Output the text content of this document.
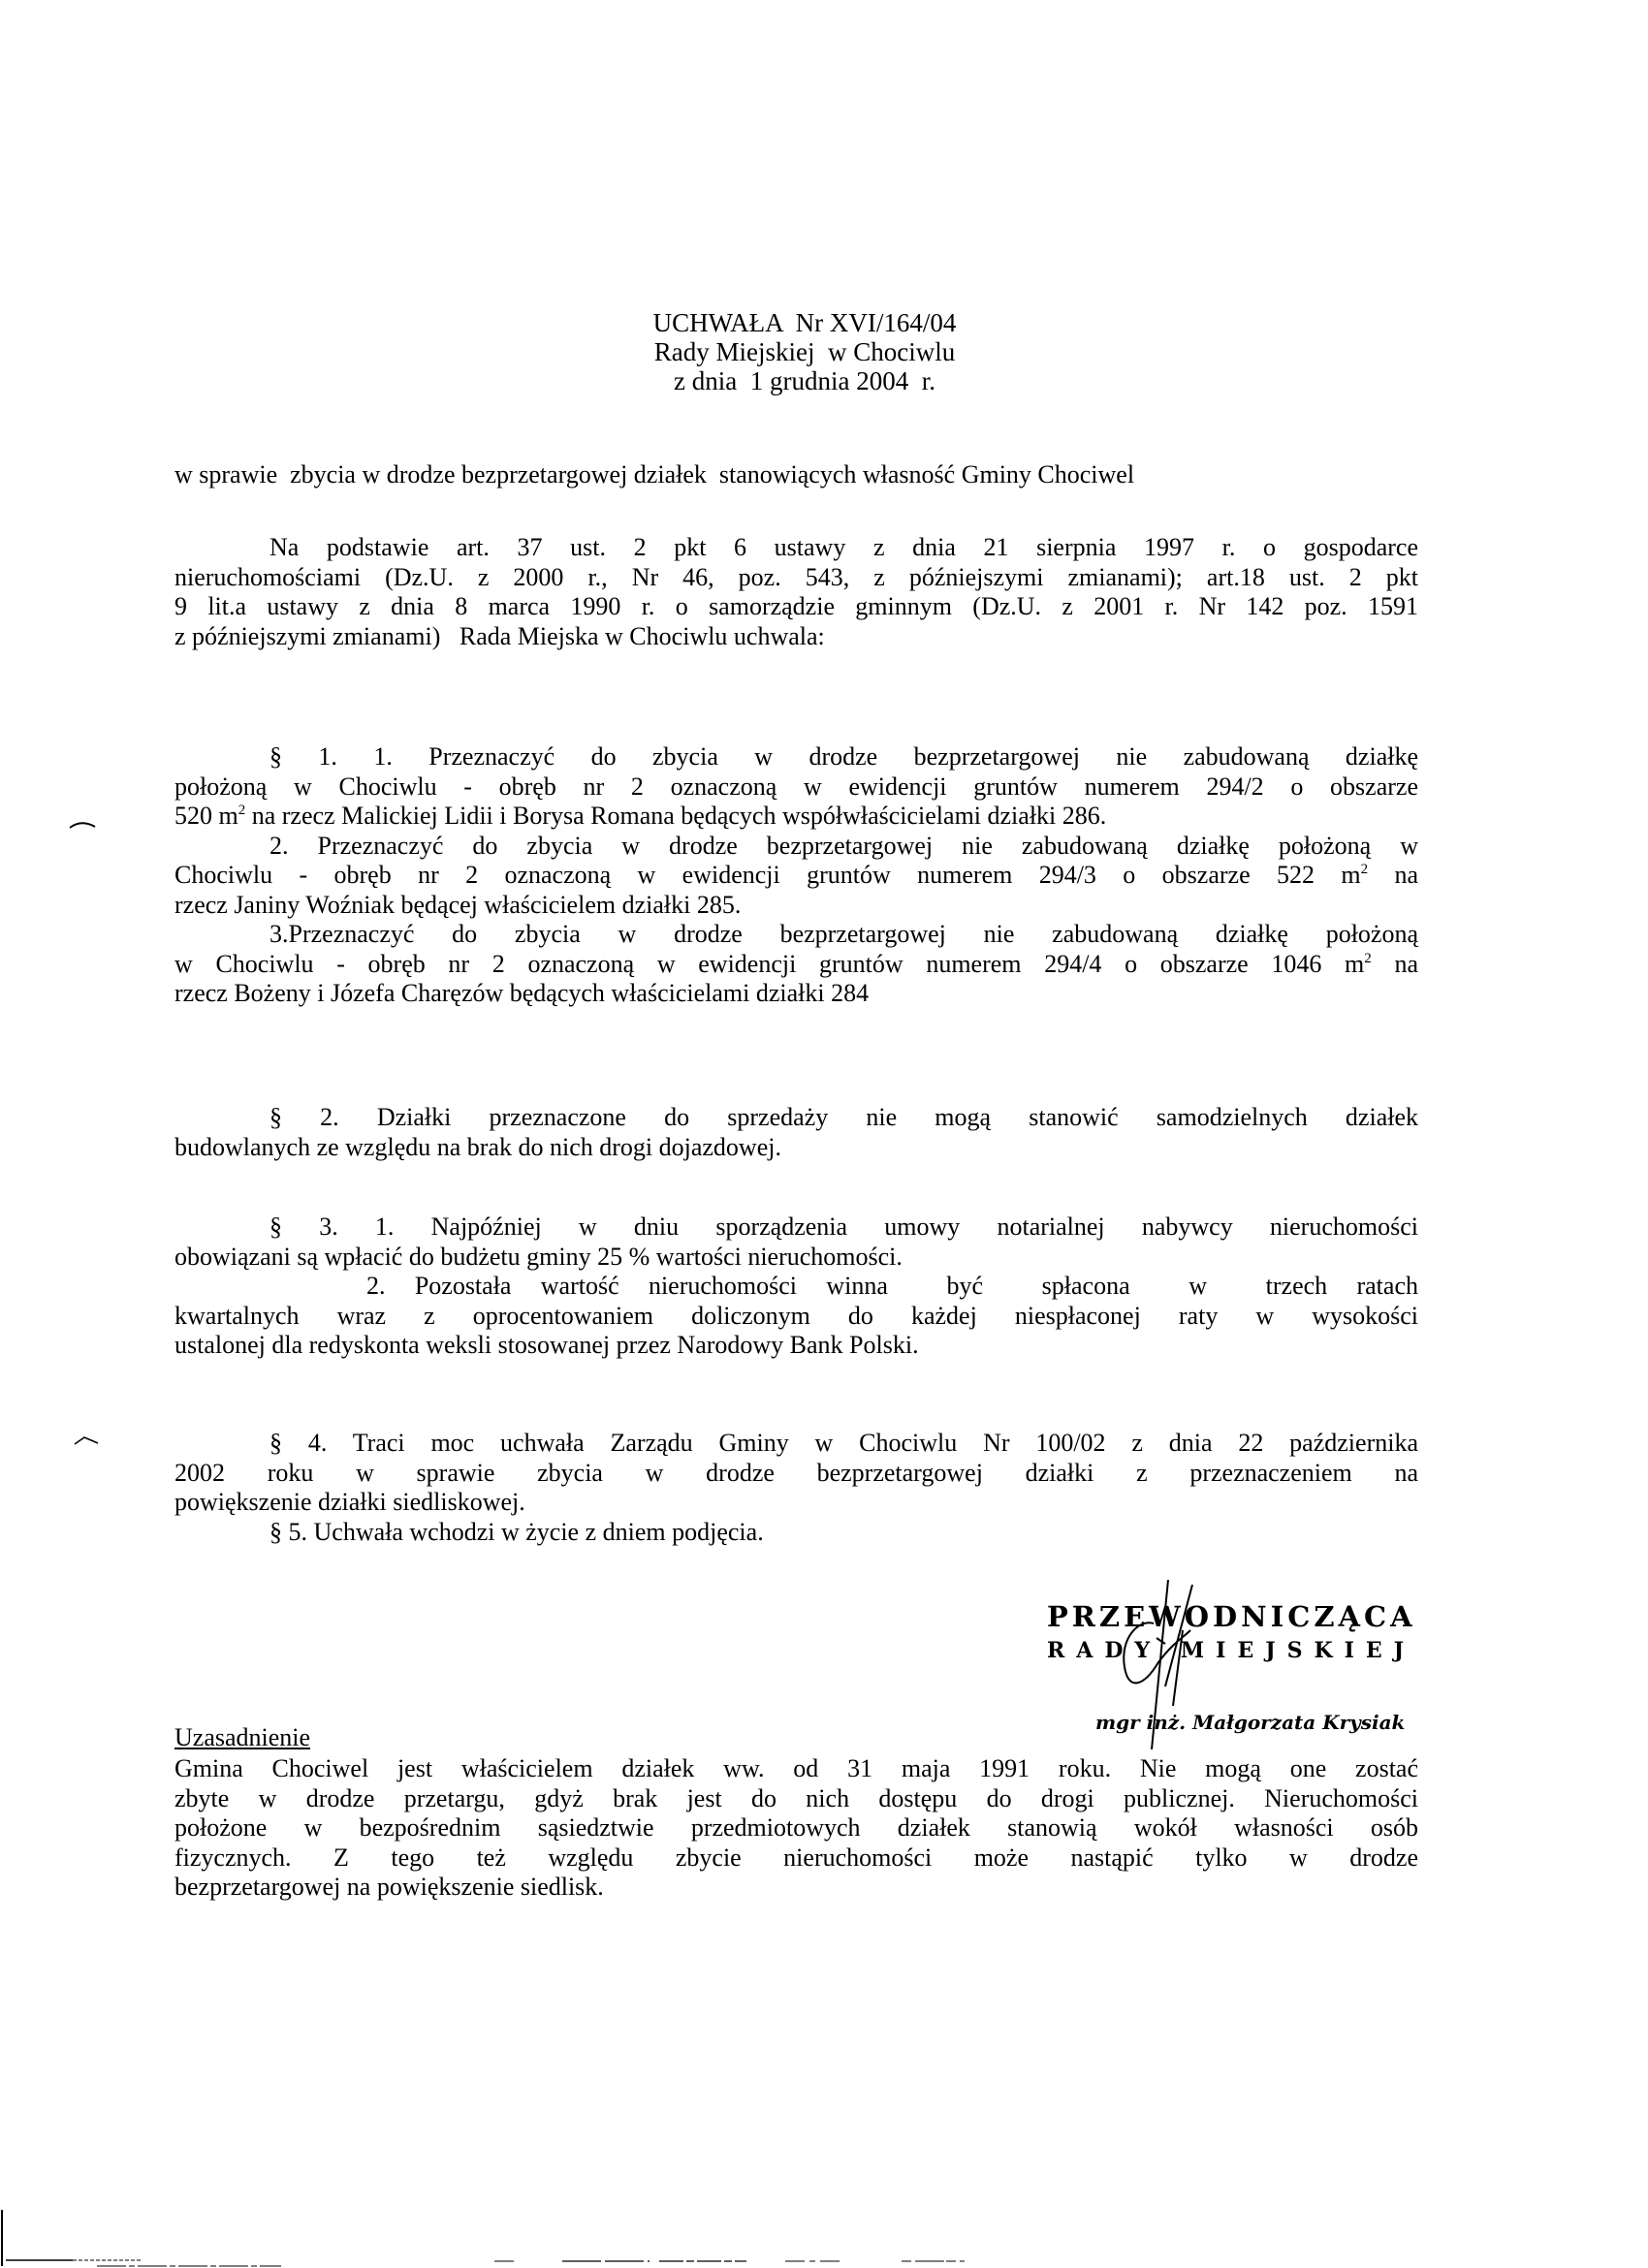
UCHWAŁA  Nr XVI/164/04
Rady Miejskiej  w Chociwlu
z dnia  1 grudnia 2004  r.
w sprawie  zbycia w drodze bezprzetargowej działek  stanowiących własność Gminy Chociwel
Na podstawie art. 37 ust. 2 pkt 6 ustawy z dnia 21 sierpnia 1997 r. o gospodarce
nieruchomościami (Dz.U. z 2000 r., Nr 46, poz. 543, z późniejszymi zmianami); art.18 ust. 2 pkt
9 lit.a ustawy z dnia 8 marca 1990 r. o samorządzie gminnym (Dz.U. z 2001 r. Nr 142 poz. 1591
z późniejszymi zmianami)   Rada Miejska w Chociwlu uchwala:
§ 1. 1. Przeznaczyć do zbycia w drodze bezprzetargowej nie zabudowaną działkę
położoną w Chociwlu - obręb nr 2 oznaczoną w ewidencji gruntów numerem 294/2 o obszarze
520 $m^2$ na rzecz Malickiej Lidii i Borysa Romana będących współwłaścicielami działki 286.
2. Przeznaczyć do zbycia w drodze bezprzetargowej nie zabudowaną działkę położoną w
Chociwlu - obręb nr 2 oznaczoną w ewidencji gruntów numerem 294/3 o obszarze 522 $m^2$ na
rzecz Janiny Woźniak będącej właścicielem działki 285.
3.Przeznaczyć do zbycia w drodze bezprzetargowej nie zabudowaną działkę położoną
w Chociwlu - obręb nr 2 oznaczoną w ewidencji gruntów numerem 294/4 o obszarze 1046 $m^2$ na
rzecz Bożeny i Józefa Charęzów będących właścicielami działki 284
§ 2. Działki przeznaczone do sprzedaży nie mogą stanowić samodzielnych działek
budowlanych ze względu na brak do nich drogi dojazdowej.
§ 3. 1. Najpóźniej w dniu sporządzenia umowy notarialnej nabywcy nieruchomości
obowiązani są wpłacić do budżetu gminy 25 % wartości nieruchomości.
2. Pozostała wartość nieruchomości winna  być  spłacona  w  trzech ratach
kwartalnych wraz z oprocentowaniem doliczonym do każdej niespłaconej raty w wysokości
ustalonej dla redyskonta weksli stosowanej przez Narodowy Bank Polski.
§ 4. Traci moc uchwała Zarządu Gminy w Chociwlu Nr 100/02 z dnia 22 października
2002 roku w sprawie zbycia w drodze bezprzetargowej działki z przeznaczeniem na
powiększenie działki siedliskowej.
§ 5. Uchwała wchodzi w życie z dniem podjęcia.
PRZEWODNICZĄCA
RADY MIEJSKIEJ
mgr inż. Małgorzata Krysiak
Uzasadnienie
Gmina Chociwel jest właścicielem działek ww. od 31 maja 1991 roku. Nie mogą one zostać
zbyte w drodze przetargu, gdyż brak jest do nich dostępu do drogi publicznej. Nieruchomości
położone w bezpośrednim sąsiedztwie przedmiotowych działek stanowią wokół własności osób
fizycznych. Z tego też względu zbycie nieruchomości może nastąpić tylko w drodze
bezprzetargowej na powiększenie siedlisk.
